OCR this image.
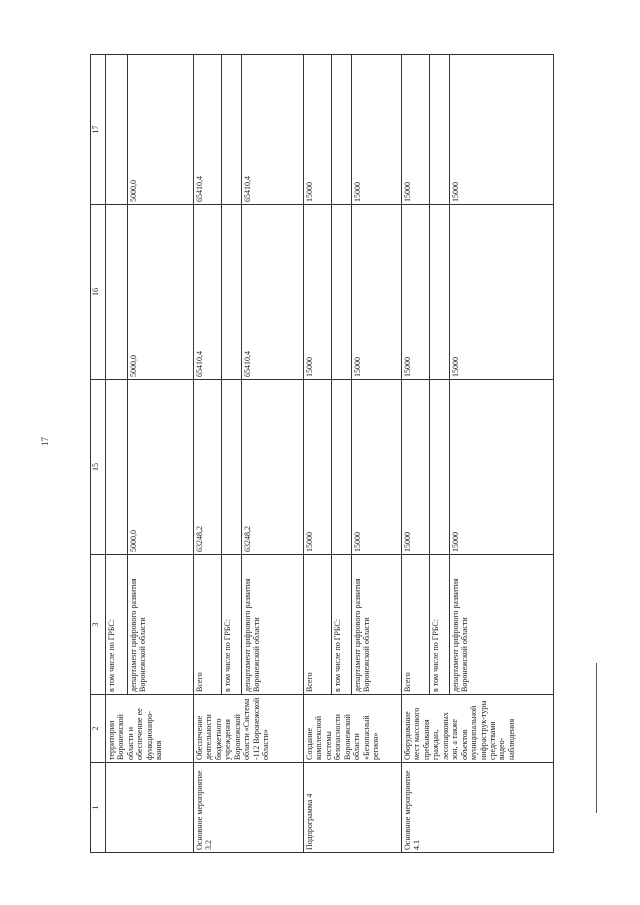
17
1	2	3	15	16	17
	территории Воронежской области и обеспечение ее функциониро-вания	в том числе по ГРБС:			
		департамент цифрового развития Воронежской области	5000,0	5000,0	5000,0
Основное мероприятие 3.2	Обеспечение деятельности бюджетного учреждения Воронежской области «Система -112 Воронежской области»	Всего	63248,2	65410,4	65410,4
		в том числе по ГРБС:			
		департамент цифрового развития Воронежской области	63248,2	65410,4	65410,4
Подпрограмма 4	Создание комплексной системы безопасности Воронежской области «Безопасный регион»	Всего	15000	15000	15000
		в том числе по ГРБС:			
		департамент цифрового развития Воронежской области	15000	15000	15000
Основное мероприятие 4.1	Оборудование мест массового пребывания граждан, лесопарковых зон, а также объектов муниципальной инфраструк-туры средствами видео-наблюдения	Всего	15000	15000	15000
		в том числе по ГРБС:			
		департамент цифрового развития Воронежской области	15000	15000	15000
